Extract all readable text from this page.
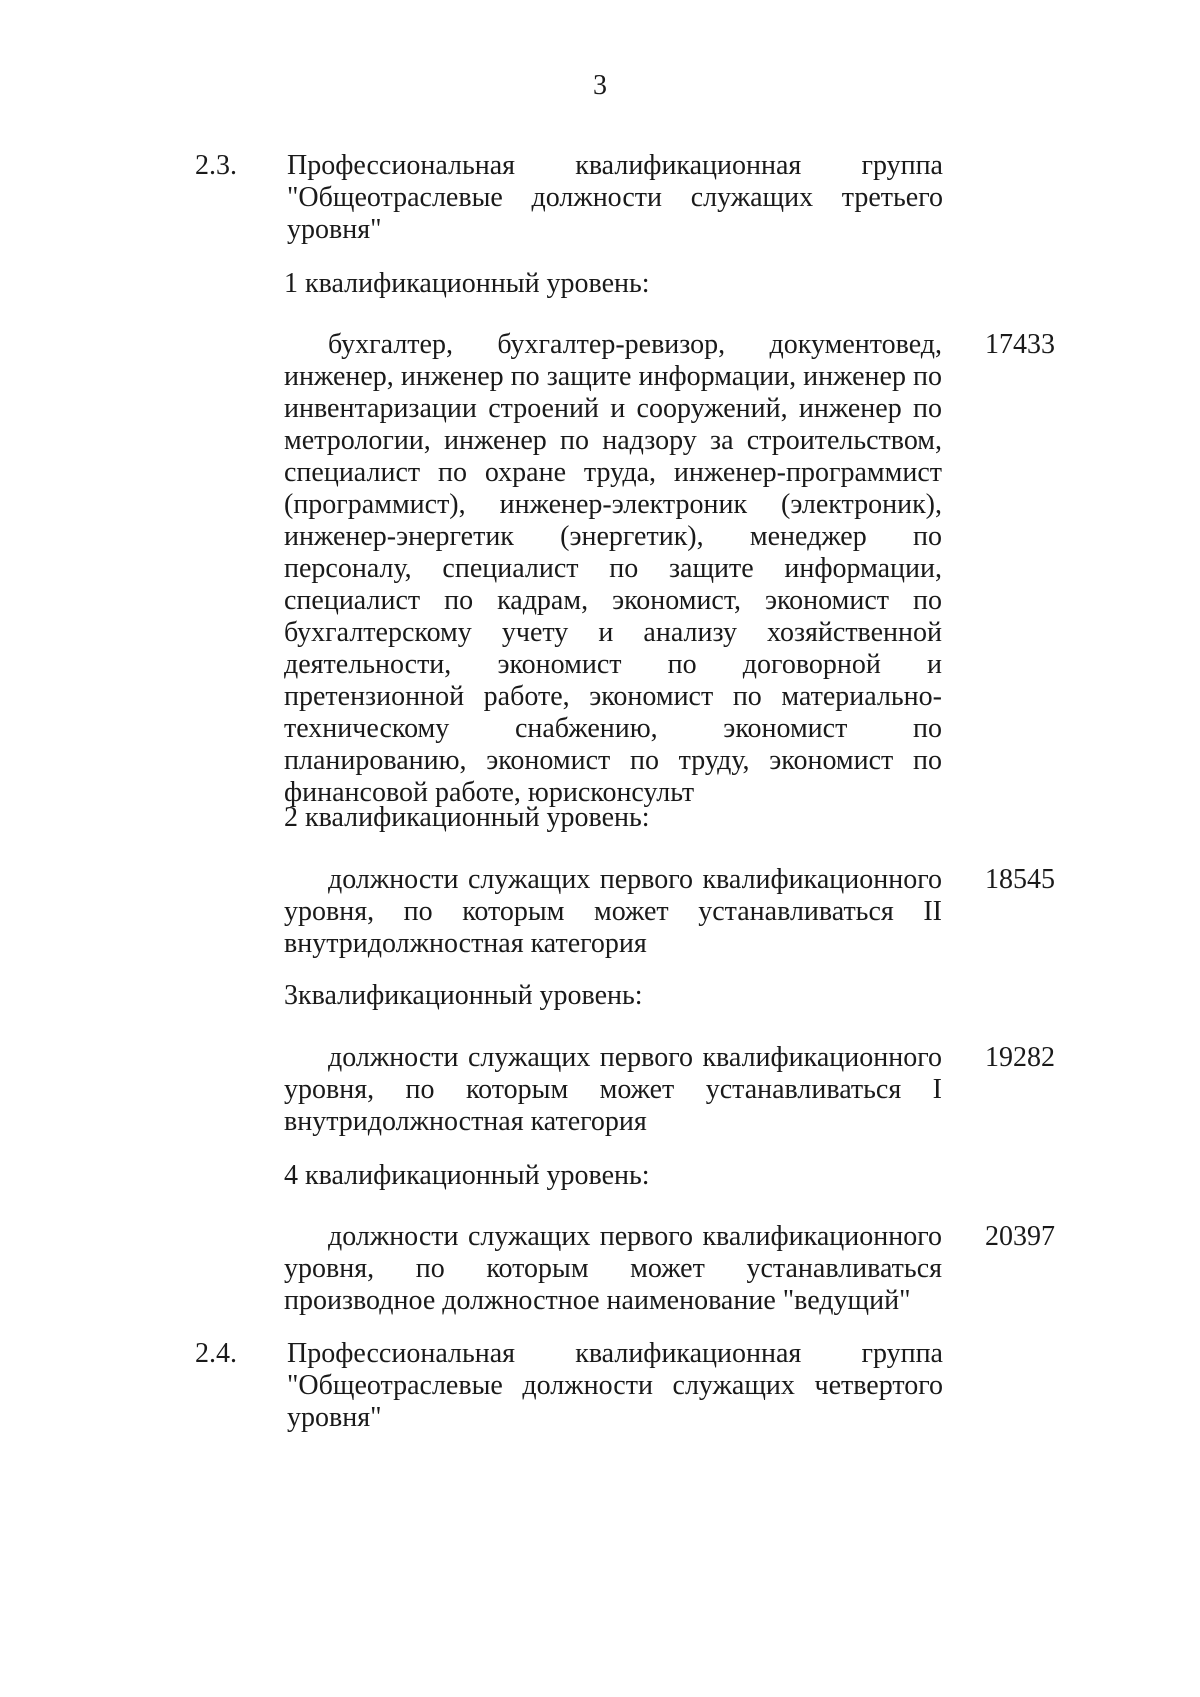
3
2.3. Профессиональная квалификационная группа "Общеотраслевые должности служащих третьего уровня"
1 квалификационный уровень:
бухгалтер, бухгалтер-ревизор, документовед, инженер, инженер по защите информации, инженер по инвентаризации строений и сооружений, инженер по метрологии, инженер по надзору за строительством, специалист по охране труда, инженер-программист (программист), инженер-электроник (электроник), инженер-энергетик (энергетик), менеджер по персоналу, специалист по защите информации, специалист по кадрам, экономист, экономист по бухгалтерскому учету и анализу хозяйственной деятельности, экономист по договорной и претензионной работе, экономист по материально-техническому снабжению, экономист по планированию, экономист по труду, экономист по финансовой работе, юрисконсульт
17433
2 квалификационный уровень:
должности служащих первого квалификационного уровня, по которым может устанавливаться II внутридолжностная категория
18545
3квалификационный уровень:
должности служащих первого квалификационного уровня, по которым может устанавливаться I внутридолжностная категория
19282
4 квалификационный уровень:
должности служащих первого квалификационного уровня, по которым может устанавливаться производное должностное наименование "ведущий"
20397
2.4. Профессиональная квалификационная группа "Общеотраслевые должности служащих четвертого уровня"
